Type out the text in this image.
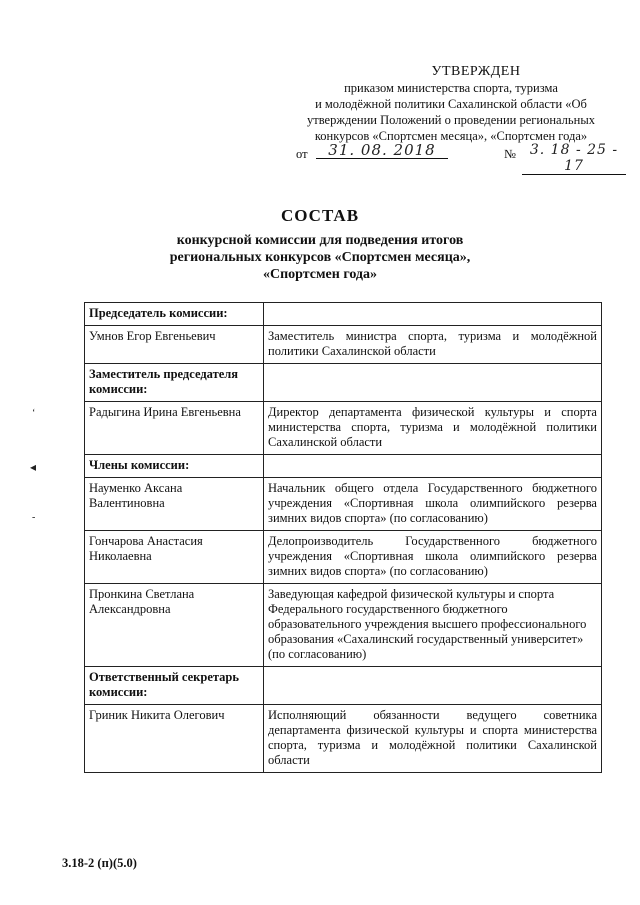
УТВЕРЖДЕН
приказом министерства спорта, туризма
и молодёжной политики Сахалинской области «Об
утверждении Положений о проведении региональных
конкурсов «Спортсмен месяца», «Спортсмен года»
от	31. 08. 2018	№ 3. 18 - 25 - 17
СОСТАВ
конкурсной комиссии для подведения итогов
региональных конкурсов «Спортсмен месяца»,
«Спортсмен года»
Председатель комиссии:	
Умнов Егор Евгеньевич	Заместитель министра спорта, туризма и молодёжной политики Сахалинской области
Заместитель председателя комиссии:	
Радыгина Ирина Евгеньевна	Директор департамента физической культуры и спорта министерства спорта, туризма и молодёжной политики Сахалинской области
Члены комиссии:	
Науменко Аксана Валентиновна	Начальник общего отдела Государственного бюджетного учреждения «Спортивная школа олимпийского резерва зимних видов спорта» (по согласованию)
Гончарова Анастасия Николаевна	Делопроизводитель Государственного бюджетного учреждения «Спортивная школа олимпийского резерва зимних видов спорта» (по согласованию)
Пронкина Светлана Александровна	Заведующая кафедрой физической культуры и спорта Федерального государственного бюджетного образовательного учреждения высшего профессионального образования «Сахалинский государственный университет» (по согласованию)
Ответственный секретарь комиссии:	
Гриник Никита Олегович	Исполняющий обязанности ведущего советника департамента физической культуры и спорта министерства спорта, туризма и молодёжной политики Сахалинской области
ʻ
◂
‐
3.18-2 (п)(5.0)
